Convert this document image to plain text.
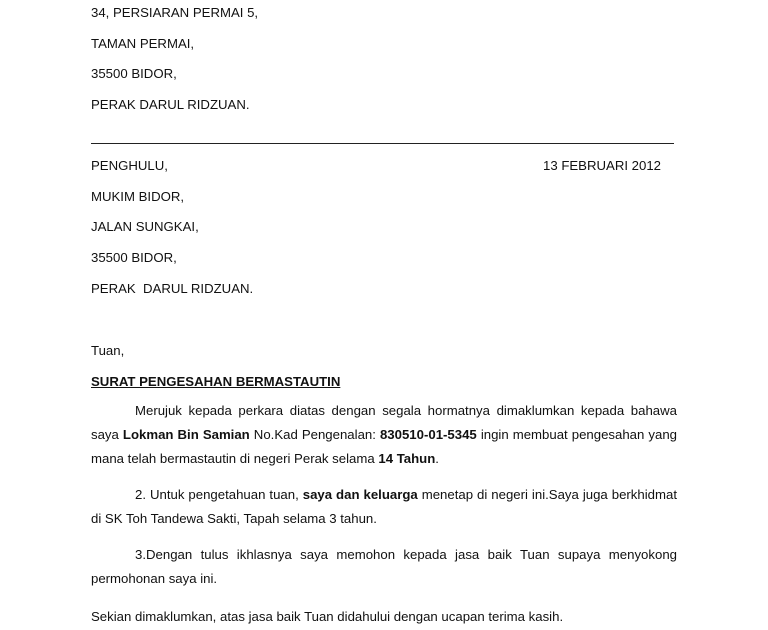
34, PERSIARAN PERMAI 5,
TAMAN PERMAI,
35500 BIDOR,
PERAK DARUL RIDZUAN.
PENGHULU,	13 FEBRUARI 2012
MUKIM BIDOR,
JALAN SUNGKAI,
35500 BIDOR,
PERAK  DARUL RIDZUAN.
Tuan,
SURAT PENGESAHAN BERMASTAUTIN
Merujuk kepada perkara diatas dengan segala hormatnya dimaklumkan kepada bahawa saya Lokman Bin Samian No.Kad Pengenalan: 830510-01-5345 ingin membuat pengesahan yang mana telah bermastautin di negeri Perak selama 14 Tahun.
2. Untuk pengetahuan tuan, saya dan keluarga menetap di negeri ini.Saya juga berkhidmat di SK Toh Tandewa Sakti, Tapah selama 3 tahun.
3.Dengan tulus ikhlasnya saya memohon kepada jasa baik Tuan supaya menyokong permohonan saya ini.
Sekian dimaklumkan, atas jasa baik Tuan didahului dengan ucapan terima kasih.
